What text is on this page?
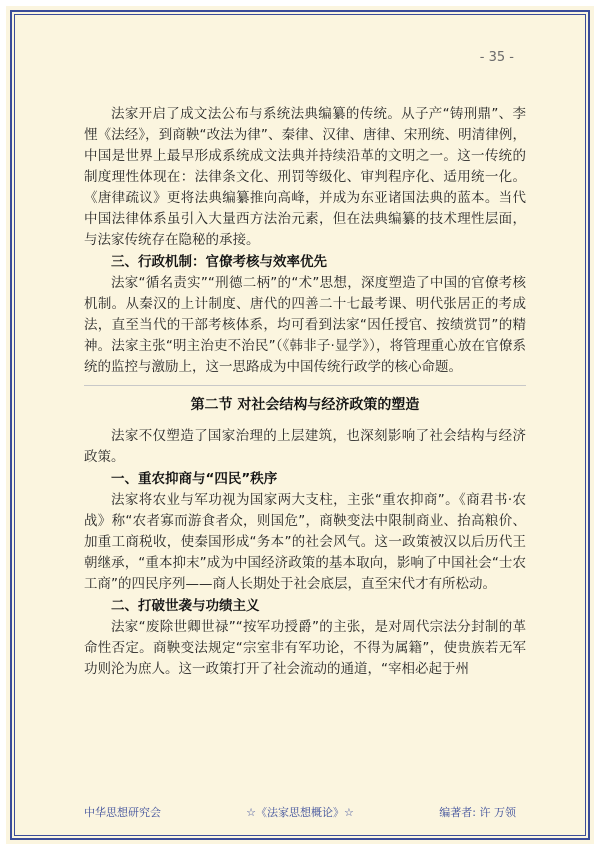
- 35 -

法家开启了成文法公布与系统法典编纂的传统。从子产“铸刑鼎”、李悝《法经》，到商鞅“改法为律”、秦律、汉律、唐律、宋刑统、明清律例，中国是世界上最早形成系统成文法典并持续沿革的文明之一。这一传统的制度理性体现在：法律条文化、刑罚等级化、审判程序化、适用统一化。《唐律疏议》更将法典编纂推向高峰，并成为东亚诸国法典的蓝本。当代中国法律体系虽引入大量西方法治元素，但在法典编纂的技术理性层面，与法家传统存在隐秘的承接。

三、行政机制：官僚考核与效率优先

法家“循名责实”“刑德二柄”的“术”思想，深度塑造了中国的官僚考核机制。从秦汉的上计制度、唐代的四善二十七最考课、明代张居正的考成法，直至当代的干部考核体系，均可看到法家“因任授官、按绩赏罚”的精神。法家主张“明主治吏不治民”（《韩非子·显学》），将管理重心放在官僚系统的监控与激励上，这一思路成为中国传统行政学的核心命题。

第二节 对社会结构与经济政策的塑造

法家不仅塑造了国家治理的上层建筑，也深刻影响了社会结构与经济政策。

一、重农抑商与“四民”秩序

法家将农业与军功视为国家两大支柱，主张“重农抑商”。《商君书·农战》称“农者寡而游食者众，则国危”，商鞅变法中限制商业、抬高粮价、加重工商税收，使秦国形成“务本”的社会风气。这一政策被汉以后历代王朝继承，“重本抑末”成为中国经济政策的基本取向，影响了中国社会“士农工商”的四民序列——商人长期处于社会底层，直至宋代才有所松动。

二、打破世袭与功绩主义

法家“废除世卿世禄”“按军功授爵”的主张，是对周代宗法分封制的革命性否定。商鞅变法规定“宗室非有军功论，不得为属籍”，使贵族若无军功则沦为庶人。这一政策打开了社会流动的通道，“宰相必起于州

中华思想研究会	☆《法家思想概论》☆	编著者: 许 万领
